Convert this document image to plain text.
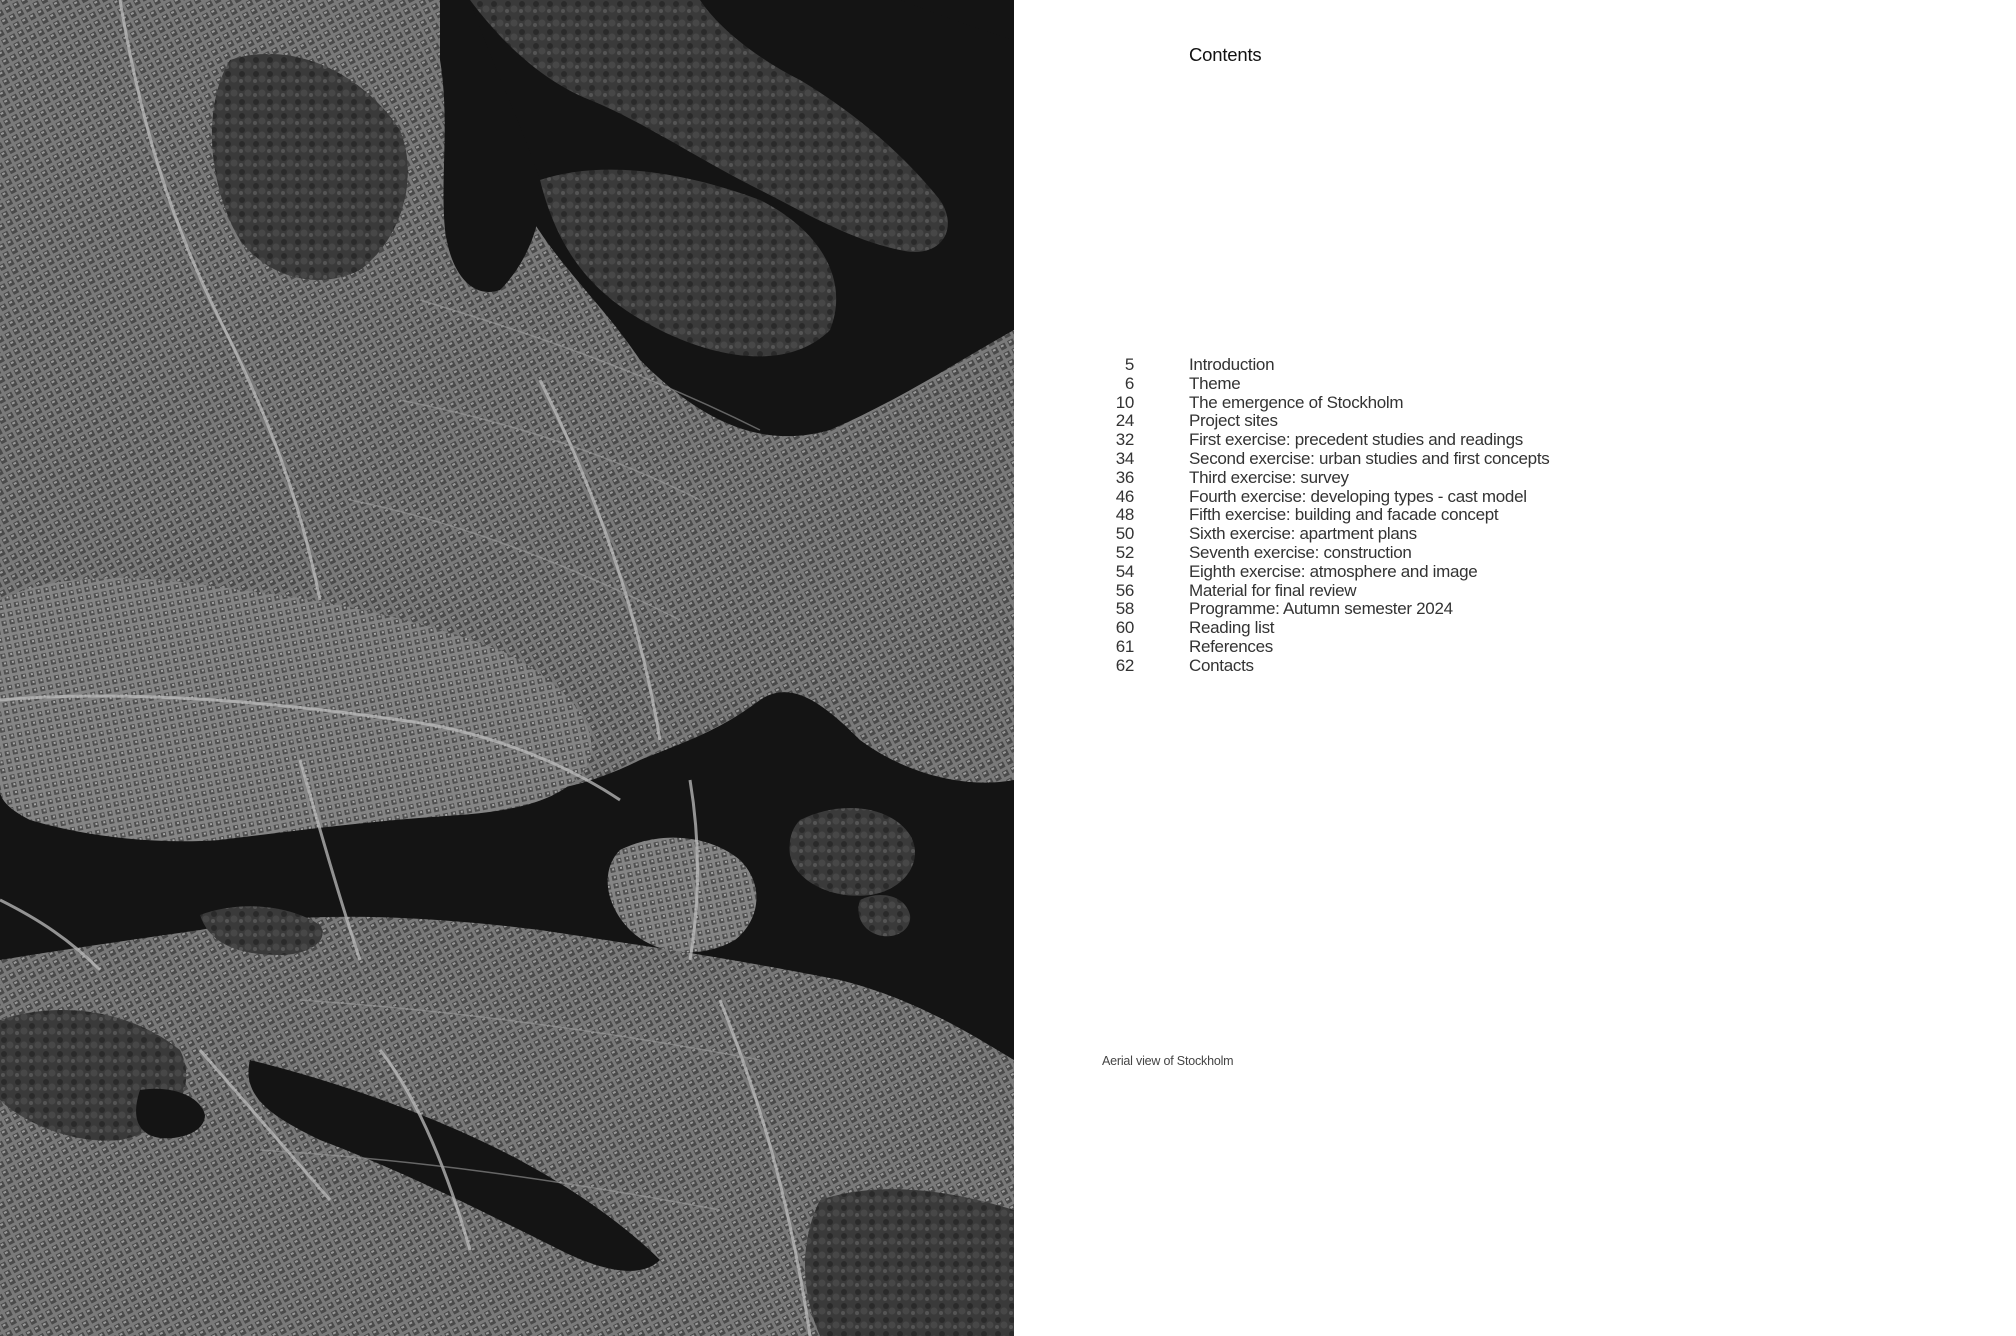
Contents
5	Introduction
6	Theme
10	The emergence of Stockholm
24	Project sites
32	First exercise: precedent studies and readings
34	Second exercise: urban studies and first concepts
36	Third exercise: survey
46	Fourth exercise: developing types - cast model
48	Fifth exercise: building and facade concept
50	Sixth exercise: apartment plans
52	Seventh exercise: construction
54	Eighth exercise: atmosphere and image
56	Material for final review
58	Programme: Autumn semester 2024
60	Reading list
61	References
62	Contacts
Aerial view of Stockholm
